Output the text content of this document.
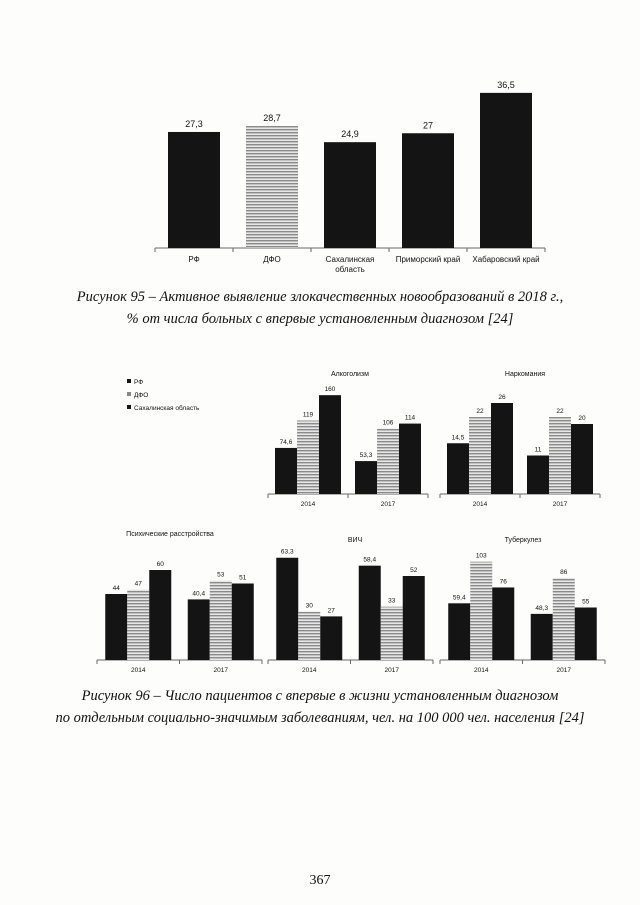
27,3
РФ
28,7
ДФО
24,9
Сахалинская
область
27
Приморский край
36,5
Хабаровский край
Рисунок 95 – Активное выявление злокачественных новообразований в 2018 г.,
% от числа больных с впервые установленным диагнозом [24]
РФ
ДФО
Сахалинская область
Алкоголизм
74,6
119
160
2014
53,3
106
114
2017
Наркомания
14,5
22
26
2014
11
22
20
2017
Психические расстройства
44
47
60
2014
40,4
53 51
2017
ВИЧ
63,3
30
27
2014
58,4
33
52
2017
Туберкулез
59,4
103
76
2014
48,3
86
55
2017
Рисунок 96 – Число пациентов с впервые в жизни установленным диагнозом
по отдельным социально-значимым заболеваниям, чел. на 100 000 чел. населения [24]
367
